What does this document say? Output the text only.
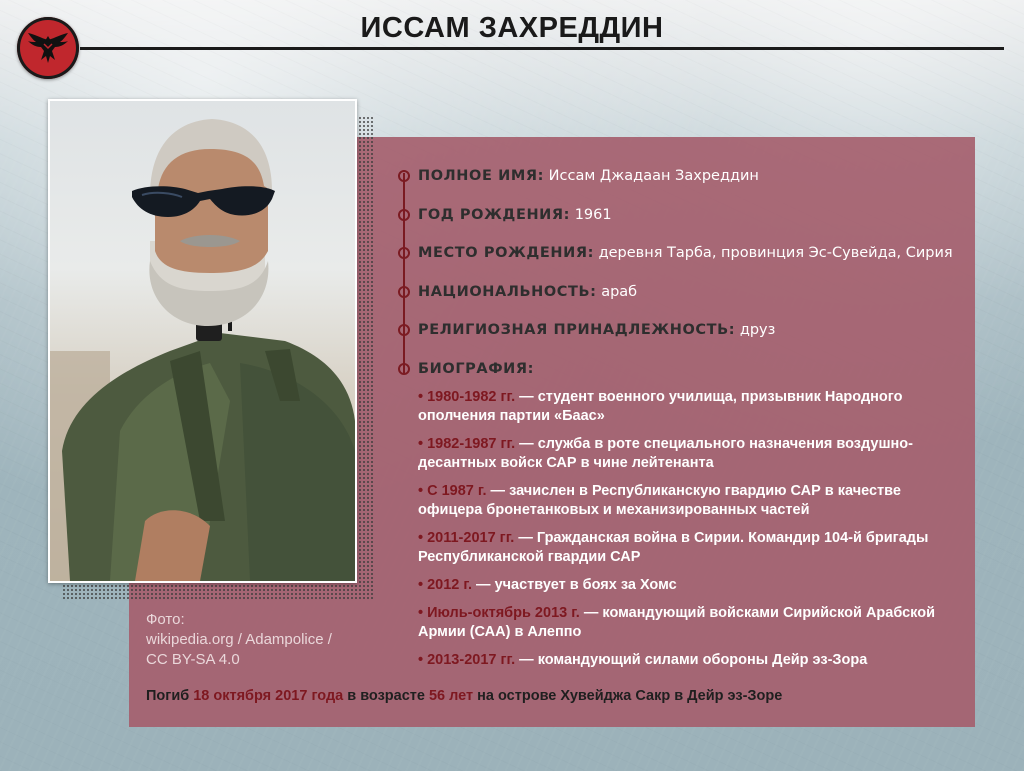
ИССАМ ЗАХРЕДДИН
ПОЛНОЕ ИМЯ: Иссам Джадаан Захреддин
ГОД РОЖДЕНИЯ: 1961
МЕСТО РОЖДЕНИЯ: деревня Тарба, провинция Эс-Сувейда, Сирия
НАЦИОНАЛЬНОСТЬ: араб
РЕЛИГИОЗНАЯ ПРИНАДЛЕЖНОСТЬ: друз
БИОГРАФИЯ:
• 1980-1982 гг. — студент военного училища, призывник Народного ополчения партии «Баас»
• 1982-1987 гг. — служба в роте специального назначения воздушно-десантных войск САР в чине лейтенанта
• С 1987 г. — зачислен в Республиканскую гвардию САР в качестве офицера бронетанковых и механизированных частей
• 2011-2017 гг. — Гражданская война в Сирии. Командир 104-й бригады Республиканской гвардии САР
• 2012 г. — участвует в боях за Хомс
• Июль-октябрь 2013 г. — командующий войсками Сирийской Арабской Армии (САА) в Алеппо
• 2013-2017 гг. — командующий силами обороны Дейр эз-Зора
Фото:
wikipedia.org / Adampolice /
CC BY-SA 4.0
Погиб 18 октября 2017 года в возрасте 56 лет на острове Хувейджа Сакр в Дейр эз-Зоре
